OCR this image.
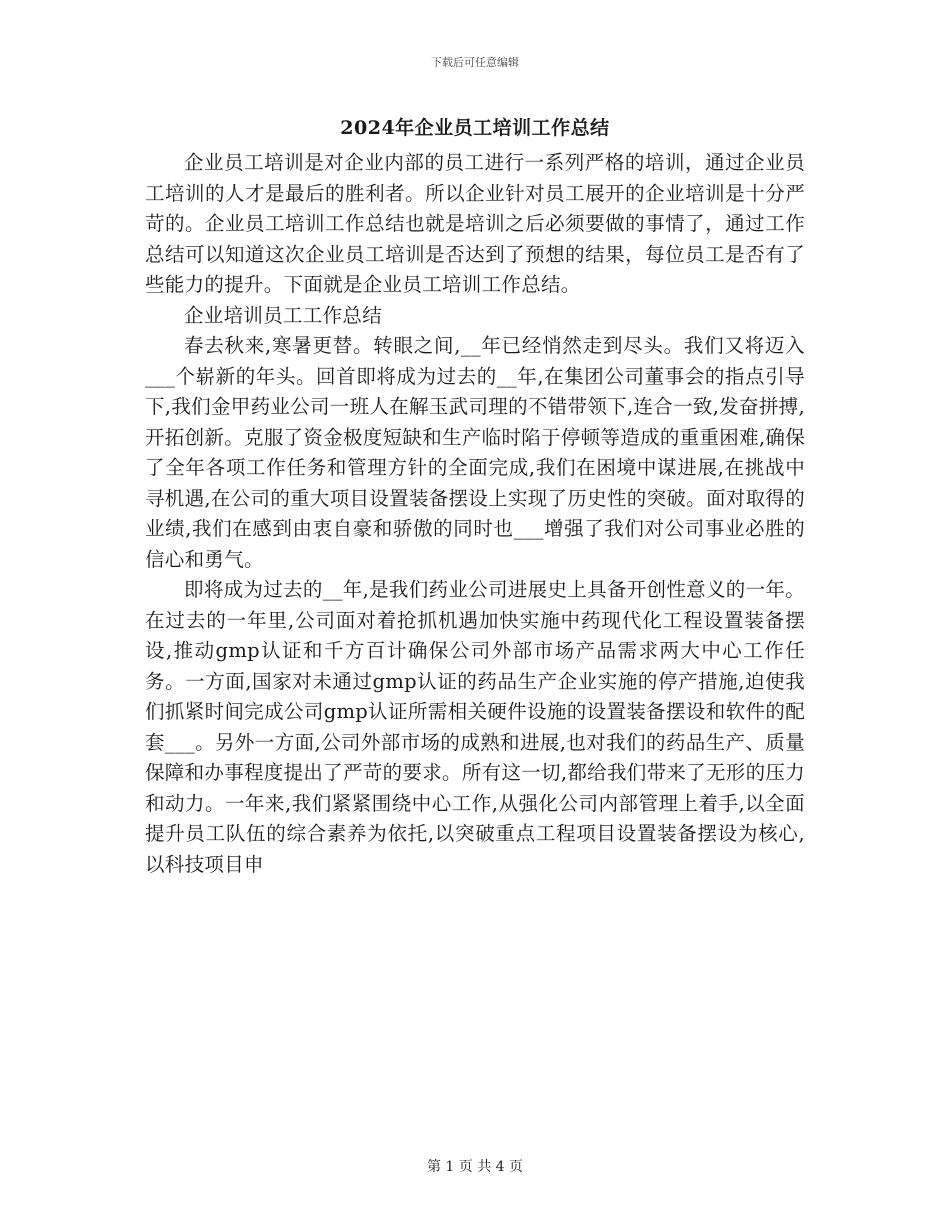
下载后可任意编辑
2024年企业员工培训工作总结

企业员工培训是对企业内部的员工进行一系列严格的培训，通过企业员工培训的人才是最后的胜利者。所以企业针对员工展开的企业培训是十分严苛的。企业员工培训工作总结也就是培训之后必须要做的事情了，通过工作总结可以知道这次企业员工培训是否达到了预想的结果，每位员工是否有了些能力的提升。下面就是企业员工培训工作总结。

企业培训员工工作总结

春去秋来,寒暑更替。转眼之间,__年已经悄然走到尽头。我们又将迈入___个崭新的年头。回首即将成为过去的__年,在集团公司董事会的指点引导下,我们金甲药业公司一班人在解玉武司理的不错带领下,连合一致,发奋拼搏,开拓创新。克服了资金极度短缺和生产临时陷于停顿等造成的重重困难,确保了全年各项工作任务和管理方针的全面完成,我们在困境中谋进展,在挑战中寻机遇,在公司的重大项目设置装备摆设上实现了历史性的突破。面对取得的业绩,我们在感到由衷自豪和骄傲的同时也___增强了我们对公司事业必胜的信心和勇气。

即将成为过去的__年,是我们药业公司进展史上具备开创性意义的一年。在过去的一年里,公司面对着抢抓机遇加快实施中药现代化工程设置装备摆设,推动gmp认证和千方百计确保公司外部市场产品需求两大中心工作任务。一方面,国家对未通过gmp认证的药品生产企业实施的停产措施,迫使我们抓紧时间完成公司gmp认证所需相关硬件设施的设置装备摆设和软件的配套___。另外一方面,公司外部市场的成熟和进展,也对我们的药品生产、质量保障和办事程度提出了严苛的要求。所有这一切,都给我们带来了无形的压力和动力。一年来,我们紧紧围绕中心工作,从强化公司内部管理上着手,以全面提升员工队伍的综合素养为依托,以突破重点工程项目设置装备摆设为核心,以科技项目申

第 1 页 共 4 页
